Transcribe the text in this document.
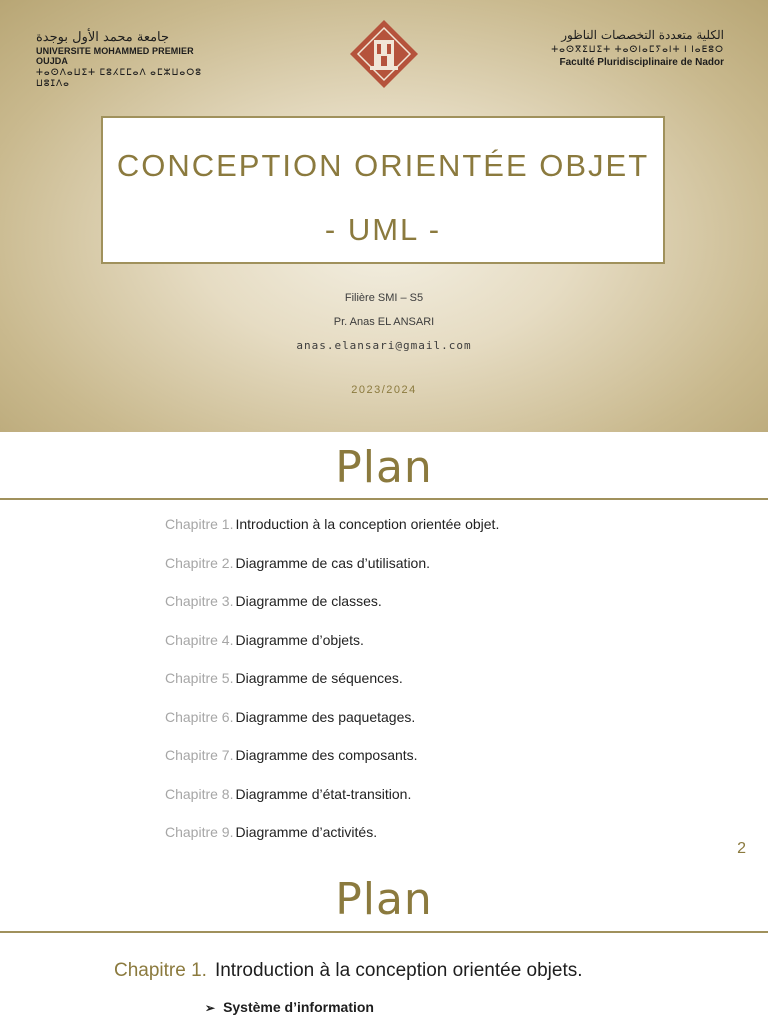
جامعة محمد الأول بوجدة
UNIVERSITE MOHAMMED PREMIER OUJDA
ⵜⴰⵙⴷⴰⵡⵉⵜ ⵎⵓⵃⵎⵎⴰⴷ ⴰⵎⵣⵡⴰⵔⵓ ⵡⵓⵊⴷⴰ
الكلية متعددة التخصصات الناظور
ⵜⴰⵙⴳⵉⵡⵉⵜ ⵜⴰⵙⵏⴰⵎⵢⴰⵏⵜ ⵏ ⵏⴰⴹⵓⵔ
Faculté Pluridisciplinaire de Nador
CONCEPTION ORIENTÉE OBJET
- UML -
Filière SMI – S5
Pr. Anas EL ANSARI
anas.elansari@gmail.com
2023/2024
Plan
Chapitre 1. Introduction à la conception orientée objet.
Chapitre 2. Diagramme de cas d’utilisation.
Chapitre 3. Diagramme de classes.
Chapitre 4. Diagramme d’objets.
Chapitre 5. Diagramme de séquences.
Chapitre 6. Diagramme des paquetages.
Chapitre 7. Diagramme des composants.
Chapitre 8. Diagramme d’état-transition.
Chapitre 9. Diagramme d’activités.
2
Plan
Chapitre 1. Introduction à la conception orientée objets.
➢ Système d’information
